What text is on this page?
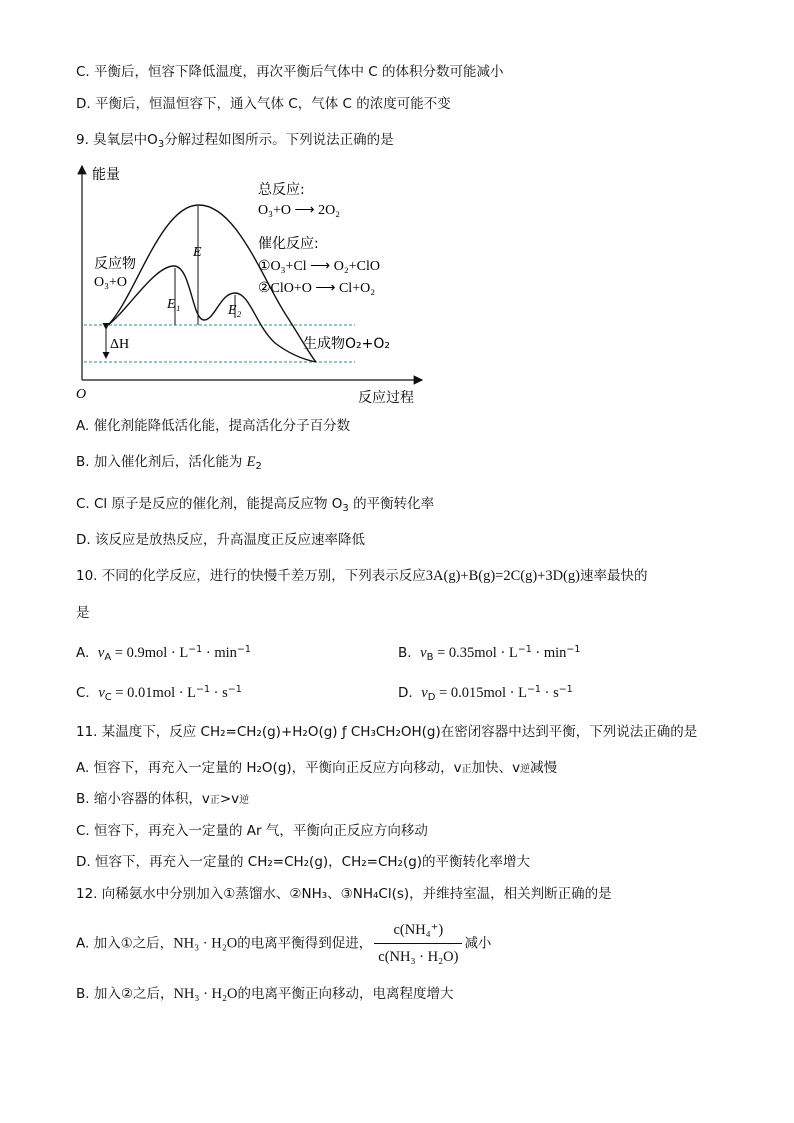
C. 平衡后，恒容下降低温度，再次平衡后气体中 C 的体积分数可能减小
D. 平衡后，恒温恒容下，通入气体 C，气体 C 的浓度可能不变
9. 臭氧层中$O_3$分解过程如图所示。下列说法正确的是
能量
反应过程
O
E
E₁	E₂
ΔH
反应物
O₃+O
生成物O₂+O₂
总反应:
O₃+O ⟶ 2O₂
催化反应:
①O₃+Cl ⟶ O₂+ClO
②ClO+O ⟶ Cl+O₂
A. 催化剂能降低活化能，提高活化分子百分数
B. 加入催化剂后，活化能为 $E_2$
C. Cl 原子是反应的催化剂，能提高反应物 $O_3$ 的平衡转化率
D. 该反应是放热反应，升高温度正反应速率降低
10. 不同的化学反应，进行的快慢千差万别，下列表示反应3A(g)+B(g)=2C(g)+3D(g)速率最快的
是
A. $v_A = 0.9mol \cdot L^{-1} \cdot \min^{-1}$	B. $v_B = 0.35mol \cdot L^{-1} \cdot \min^{-1}$
C. $v_C = 0.01mol \cdot L^{-1} \cdot s^{-1}$	D. $v_D = 0.015mol \cdot L^{-1} \cdot s^{-1}$
11. 某温度下，反应 CH₂=CH₂(g)+H₂O(g) ƒ CH₃CH₂OH(g)在密闭容器中达到平衡，下列说法正确的是
A. 恒容下，再充入一定量的 H₂O(g)，平衡向正反应方向移动，v正加快、v逆减慢
B. 缩小容器的体积，v正>v逆
C. 恒容下，再充入一定量的 Ar 气，平衡向正反应方向移动
D. 恒容下，再充入一定量的 CH₂=CH₂(g)，CH₂=CH₂(g)的平衡转化率增大
12. 向稀氨水中分别加入①蒸馏水、②NH₃、③NH₄Cl(s)，并维持室温，相关判断正确的是
A. 加入①之后，NH₃ · H₂O的电离平衡得到促进， $\frac{\text{c(NH₄⁺)}}{\text{c(NH₃ · H₂O)}}$ 减小
B. 加入②之后，NH₃ · H₂O的电离平衡正向移动，电离程度增大
